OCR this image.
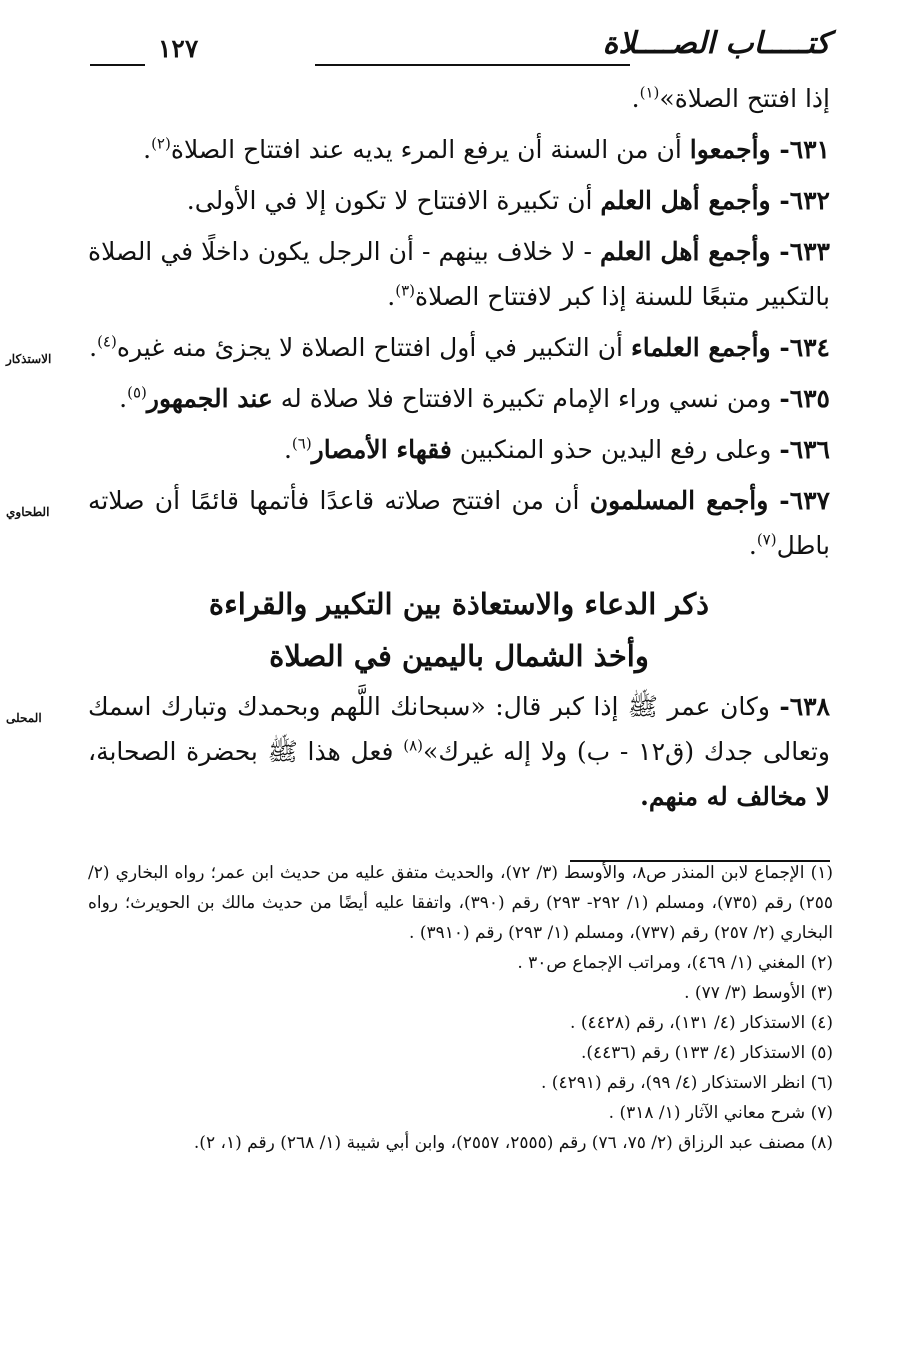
١٢٧	كتـــــاب الصــــلاة

إذا افتتح الصلاة»$^{(١)}$.

٦٣١- وأجمعوا أن من السنة أن يرفع المرء يديه عند افتتاح الصلاة$^{(٢)}$.

٦٣٢- وأجمع أهل العلم أن تكبيرة الافتتاح لا تكون إلا في الأولى.

٦٣٣- وأجمع أهل العلم - لا خلاف بينهم - أن الرجل يكون داخلًا في الصلاة بالتكبير متبعًا للسنة إذا كبر لافتتاح الصلاة$^{(٣)}$.

الاستذكار	٦٣٤- وأجمع العلماء أن التكبير في أول افتتاح الصلاة لا يجزئ منه غيره$^{(٤)}$.

٦٣٥- ومن نسي وراء الإمام تكبيرة الافتتاح فلا صلاة له عند الجمهور$^{(٥)}$.

٦٣٦- وعلى رفع اليدين حذو المنكبين فقهاء الأمصار$^{(٦)}$.

الطحاوي	٦٣٧- وأجمع المسلمون أن من افتتح صلاته قاعدًا فأتمها قائمًا أن صلاته باطل$^{(٧)}$.

ذكر الدعاء والاستعاذة بين التكبير والقراءة
وأخذ الشمال باليمين في الصلاة

المحلى	٦٣٨- وكان عمر ﷺ إذا كبر قال: «سبحانك اللَّهم وبحمدك وتبارك اسمك وتعالى جدك (ق١٢ - ب) ولا إله غيرك»$^{(٨)}$ فعل هذا ﷺ بحضرة الصحابة، لا مخالف له منهم.

(١) الإجماع لابن المنذر ص٨، والأوسط (٣/ ٧٢)، والحديث متفق عليه من حديث ابن عمر؛ رواه البخاري (٢/ ٢٥٥) رقم (٧٣٥)، ومسلم (١/ ٢٩٢- ٢٩٣) رقم (٣٩٠)، واتفقا عليه أيضًا من حديث مالك بن الحويرث؛ رواه البخاري (٢/ ٢٥٧) رقم (٧٣٧)، ومسلم (١/ ٢٩٣) رقم (٣٩١٠) .

(٢) المغني (١/ ٤٦٩)، ومراتب الإجماع ص٣٠ .

(٣) الأوسط (٣/ ٧٧) .

(٤) الاستذكار (٤/ ١٣١)، رقم (٤٤٢٨) .

(٥) الاستذكار (٤/ ١٣٣) رقم (٤٤٣٦).

(٦) انظر الاستذكار (٤/ ٩٩)، رقم (٤٢٩١) .

(٧) شرح معاني الآثار (١/ ٣١٨) .

(٨) مصنف عبد الرزاق (٢/ ٧٥، ٧٦) رقم (٢٥٥٥، ٢٥٥٧)، وابن أبي شيبة (١/ ٢٦٨) رقم (١، ٢).
